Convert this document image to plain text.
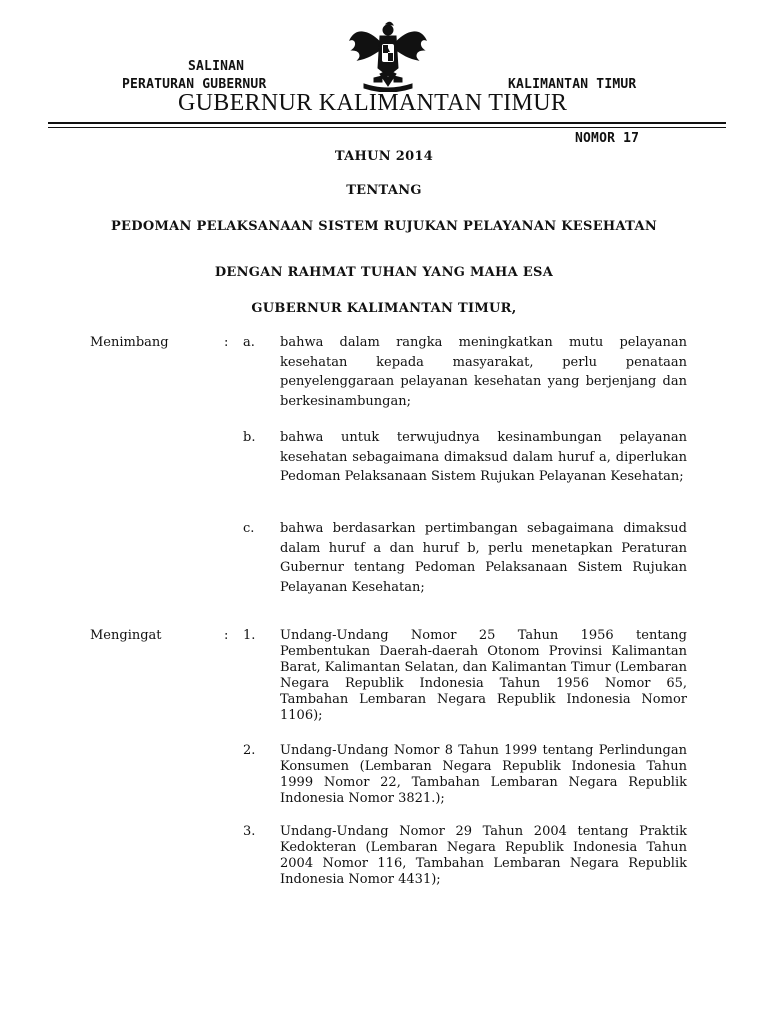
SALINAN
PERATURAN GUBERNUR	KALIMANTAN TIMUR
GUBERNUR KALIMANTAN TIMUR
NOMOR 17
TAHUN 2014
TENTANG
PEDOMAN PELAKSANAAN SISTEM RUJUKAN PELAYANAN KESEHATAN
DENGAN RAHMAT TUHAN YANG MAHA ESA
GUBERNUR KALIMANTAN TIMUR,
Menimbang	: a. bahwa dalam rangka meningkatkan mutu pelayanan kesehatan kepada masyarakat, perlu penataan penyelenggaraan pelayanan kesehatan yang berjenjang dan berkesinambungan;
b. bahwa untuk terwujudnya kesinambungan pelayanan kesehatan sebagaimana dimaksud dalam huruf a, diperlukan Pedoman Pelaksanaan Sistem Rujukan Pelayanan Kesehatan;
c. bahwa berdasarkan pertimbangan sebagaimana dimaksud dalam huruf a dan huruf b, perlu menetapkan Peraturan Gubernur tentang Pedoman Pelaksanaan Sistem Rujukan Pelayanan Kesehatan;
Mengingat	: 1. Undang-Undang Nomor 25 Tahun 1956 tentang Pembentukan Daerah-daerah Otonom Provinsi Kalimantan Barat, Kalimantan Selatan, dan Kalimantan Timur (Lembaran Negara Republik Indonesia Tahun 1956 Nomor 65, Tambahan Lembaran Negara Republik Indonesia Nomor 1106);
2. Undang-Undang Nomor 8 Tahun 1999 tentang Perlindungan Konsumen (Lembaran Negara Republik Indonesia Tahun 1999 Nomor 22, Tambahan Lembaran Negara Republik Indonesia Nomor 3821.);
3. Undang-Undang Nomor 29 Tahun 2004 tentang Praktik Kedokteran (Lembaran Negara Republik Indonesia Tahun 2004 Nomor 116, Tambahan Lembaran Negara Republik Indonesia Nomor 4431);
